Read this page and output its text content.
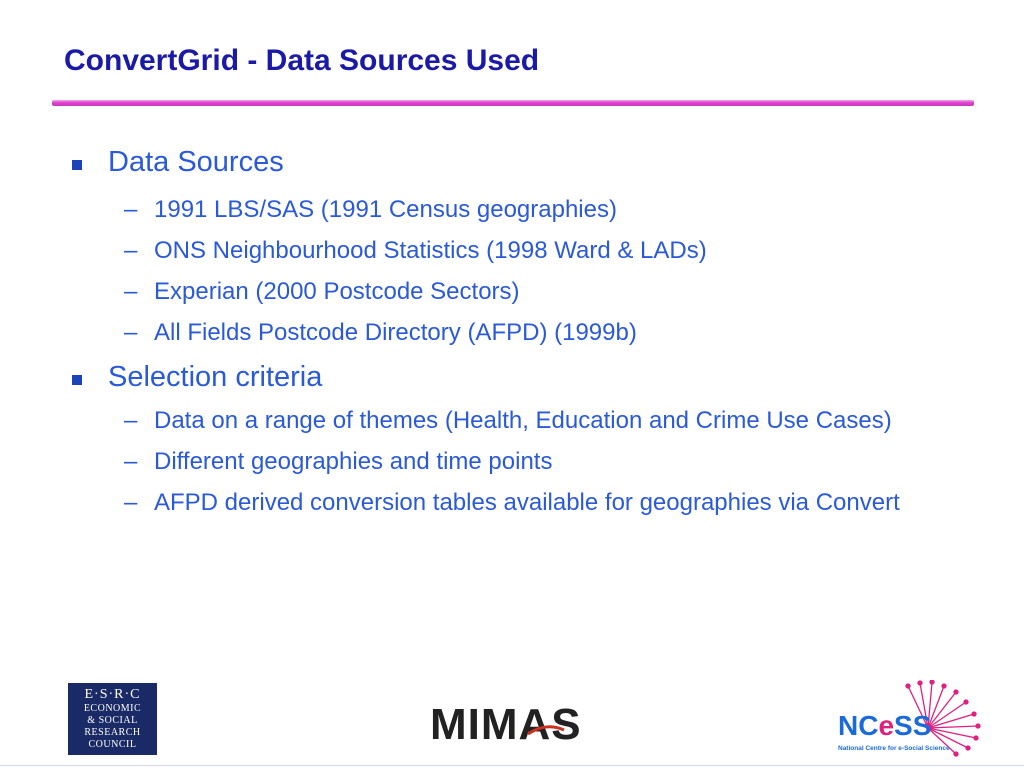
ConvertGrid - Data Sources Used
Data Sources
– 1991 LBS/SAS (1991 Census geographies)
– ONS Neighbourhood Statistics (1998 Ward & LADs)
– Experian (2000 Postcode Sectors)
– All Fields Postcode Directory (AFPD) (1999b)
Selection criteria
– Data on a range of themes (Health, Education and Crime Use Cases)
– Different geographies and time points
– AFPD derived conversion tables available for geographies via Convert
E·S·R·C
ECONOMIC
& SOCIAL
RESEARCH
COUNCIL	MIMAS	NCeSS
National Centre for e-Social Science
